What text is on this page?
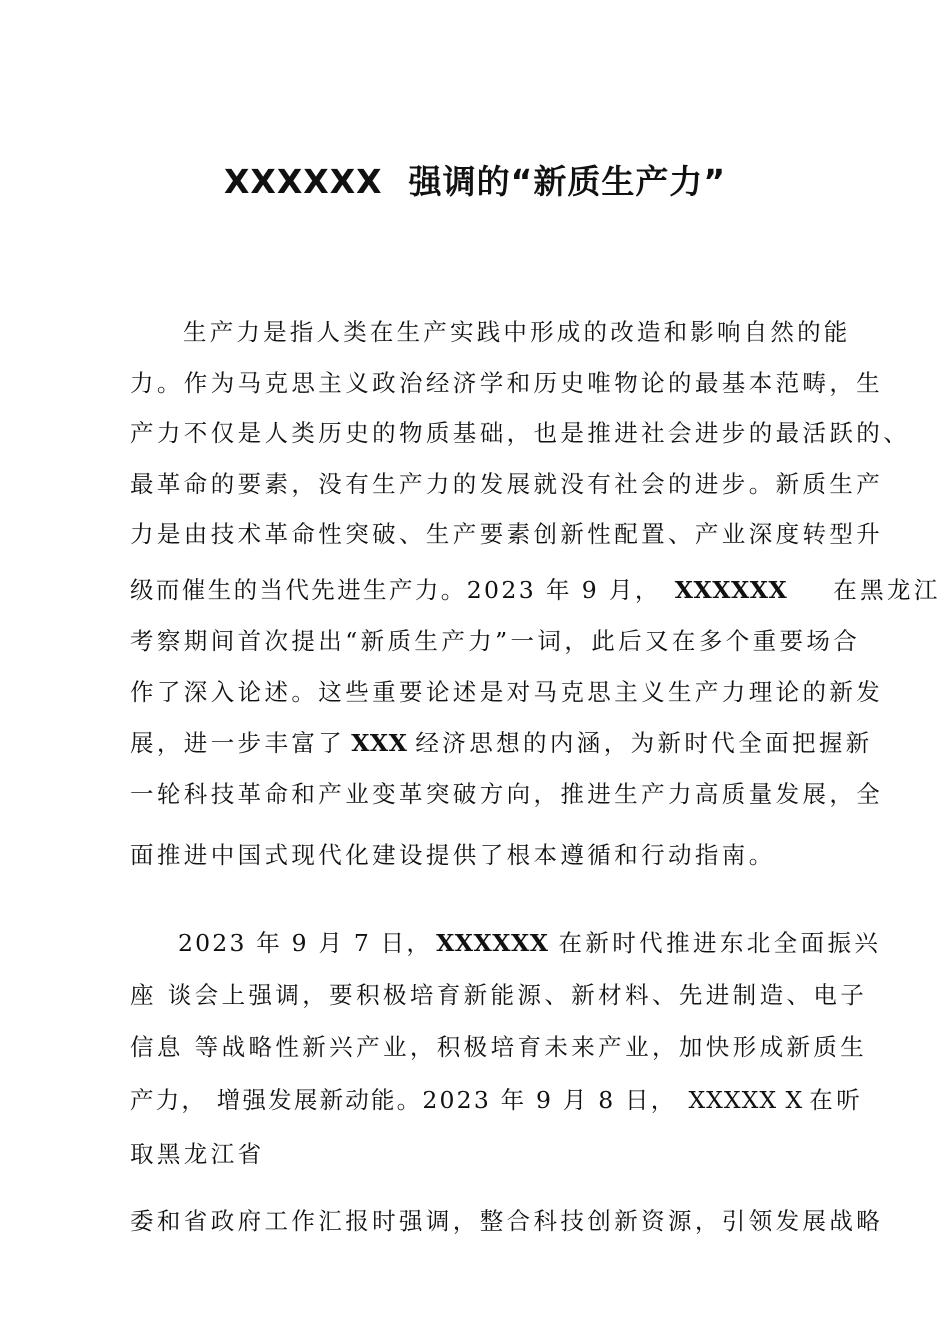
XXXXXX 强调的“新质生产力”
生产力是指人类在生产实践中形成的改造和影响自然的能
力。作为马克思主义政治经济学和历史唯物论的最基本范畴，生
产力不仅是人类历史的物质基础，也是推进社会进步的最活跃的、
最革命的要素，没有生产力的发展就没有社会的进步。新质生产
力是由技术革命性突破、生产要素创新性配置、产业深度转型升
级而催生的当代先进生产力。2023 年 9 月， XXXXXX 在黑龙江
考察期间首次提出“新质生产力”一词，此后又在多个重要场合
作了深入论述。这些重要论述是对马克思主义生产力理论的新发
展，进一步丰富了 XXX 经济思想的内涵，为新时代全面把握新
一轮科技革命和产业变革突破方向，推进生产力高质量发展，全
面推进中国式现代化建设提供了根本遵循和行动指南。
2023 年 9 月 7 日， XXXXXX 在新时代推进东北全面振兴
座 谈会上强调，要积极培育新能源、新材料、先进制造、电子
信息 等战略性新兴产业，积极培育未来产业，加快形成新质生
产力， 增强发展新动能。2023 年 9 月 8 日， XXXXX X 在听
取黑龙江省
委和省政府工作汇报时强调，整合科技创新资源，引领发展战略
